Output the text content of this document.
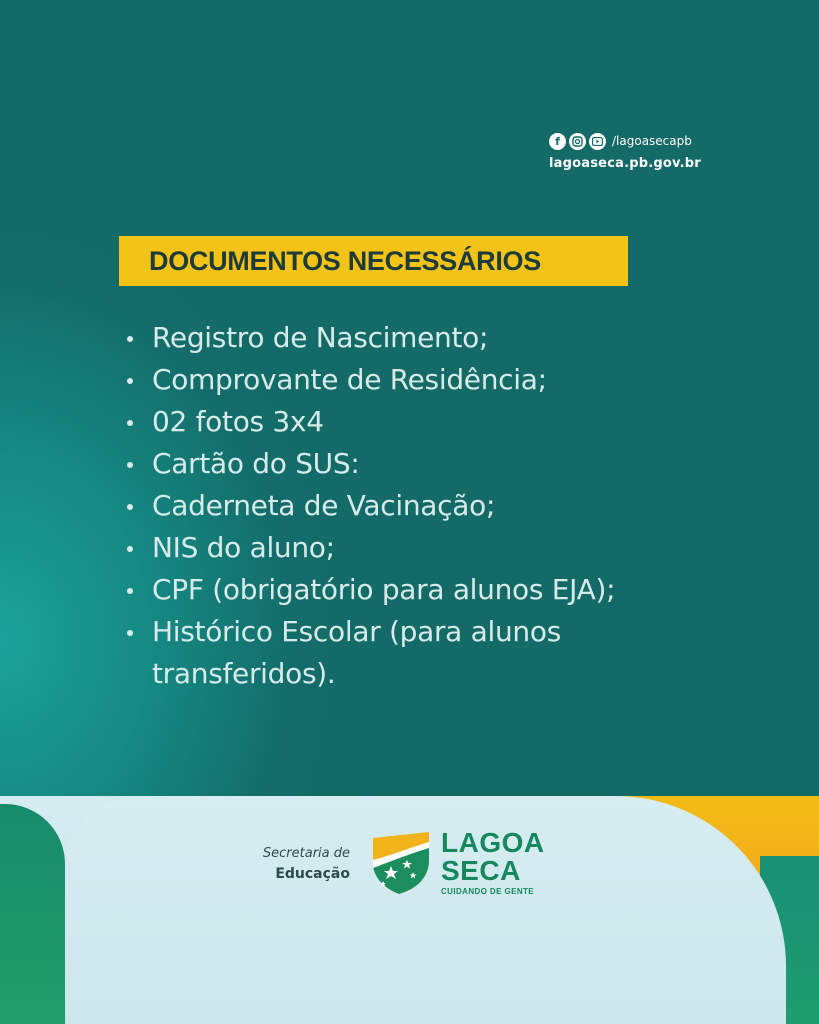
f	/lagoasecapb
lagoaseca.pb.gov.br
DOCUMENTOS NECESSÁRIOS
Registro de Nascimento;
Comprovante de Residência;
02 fotos 3x4
Cartão do SUS:
Caderneta de Vacinação;
NIS do aluno;
CPF (obrigatório para alunos EJA);
Histórico Escolar (para alunos transferidos).
Secretaria de
Educação
LAGOA
SECA
CUIDANDO DE GENTE
